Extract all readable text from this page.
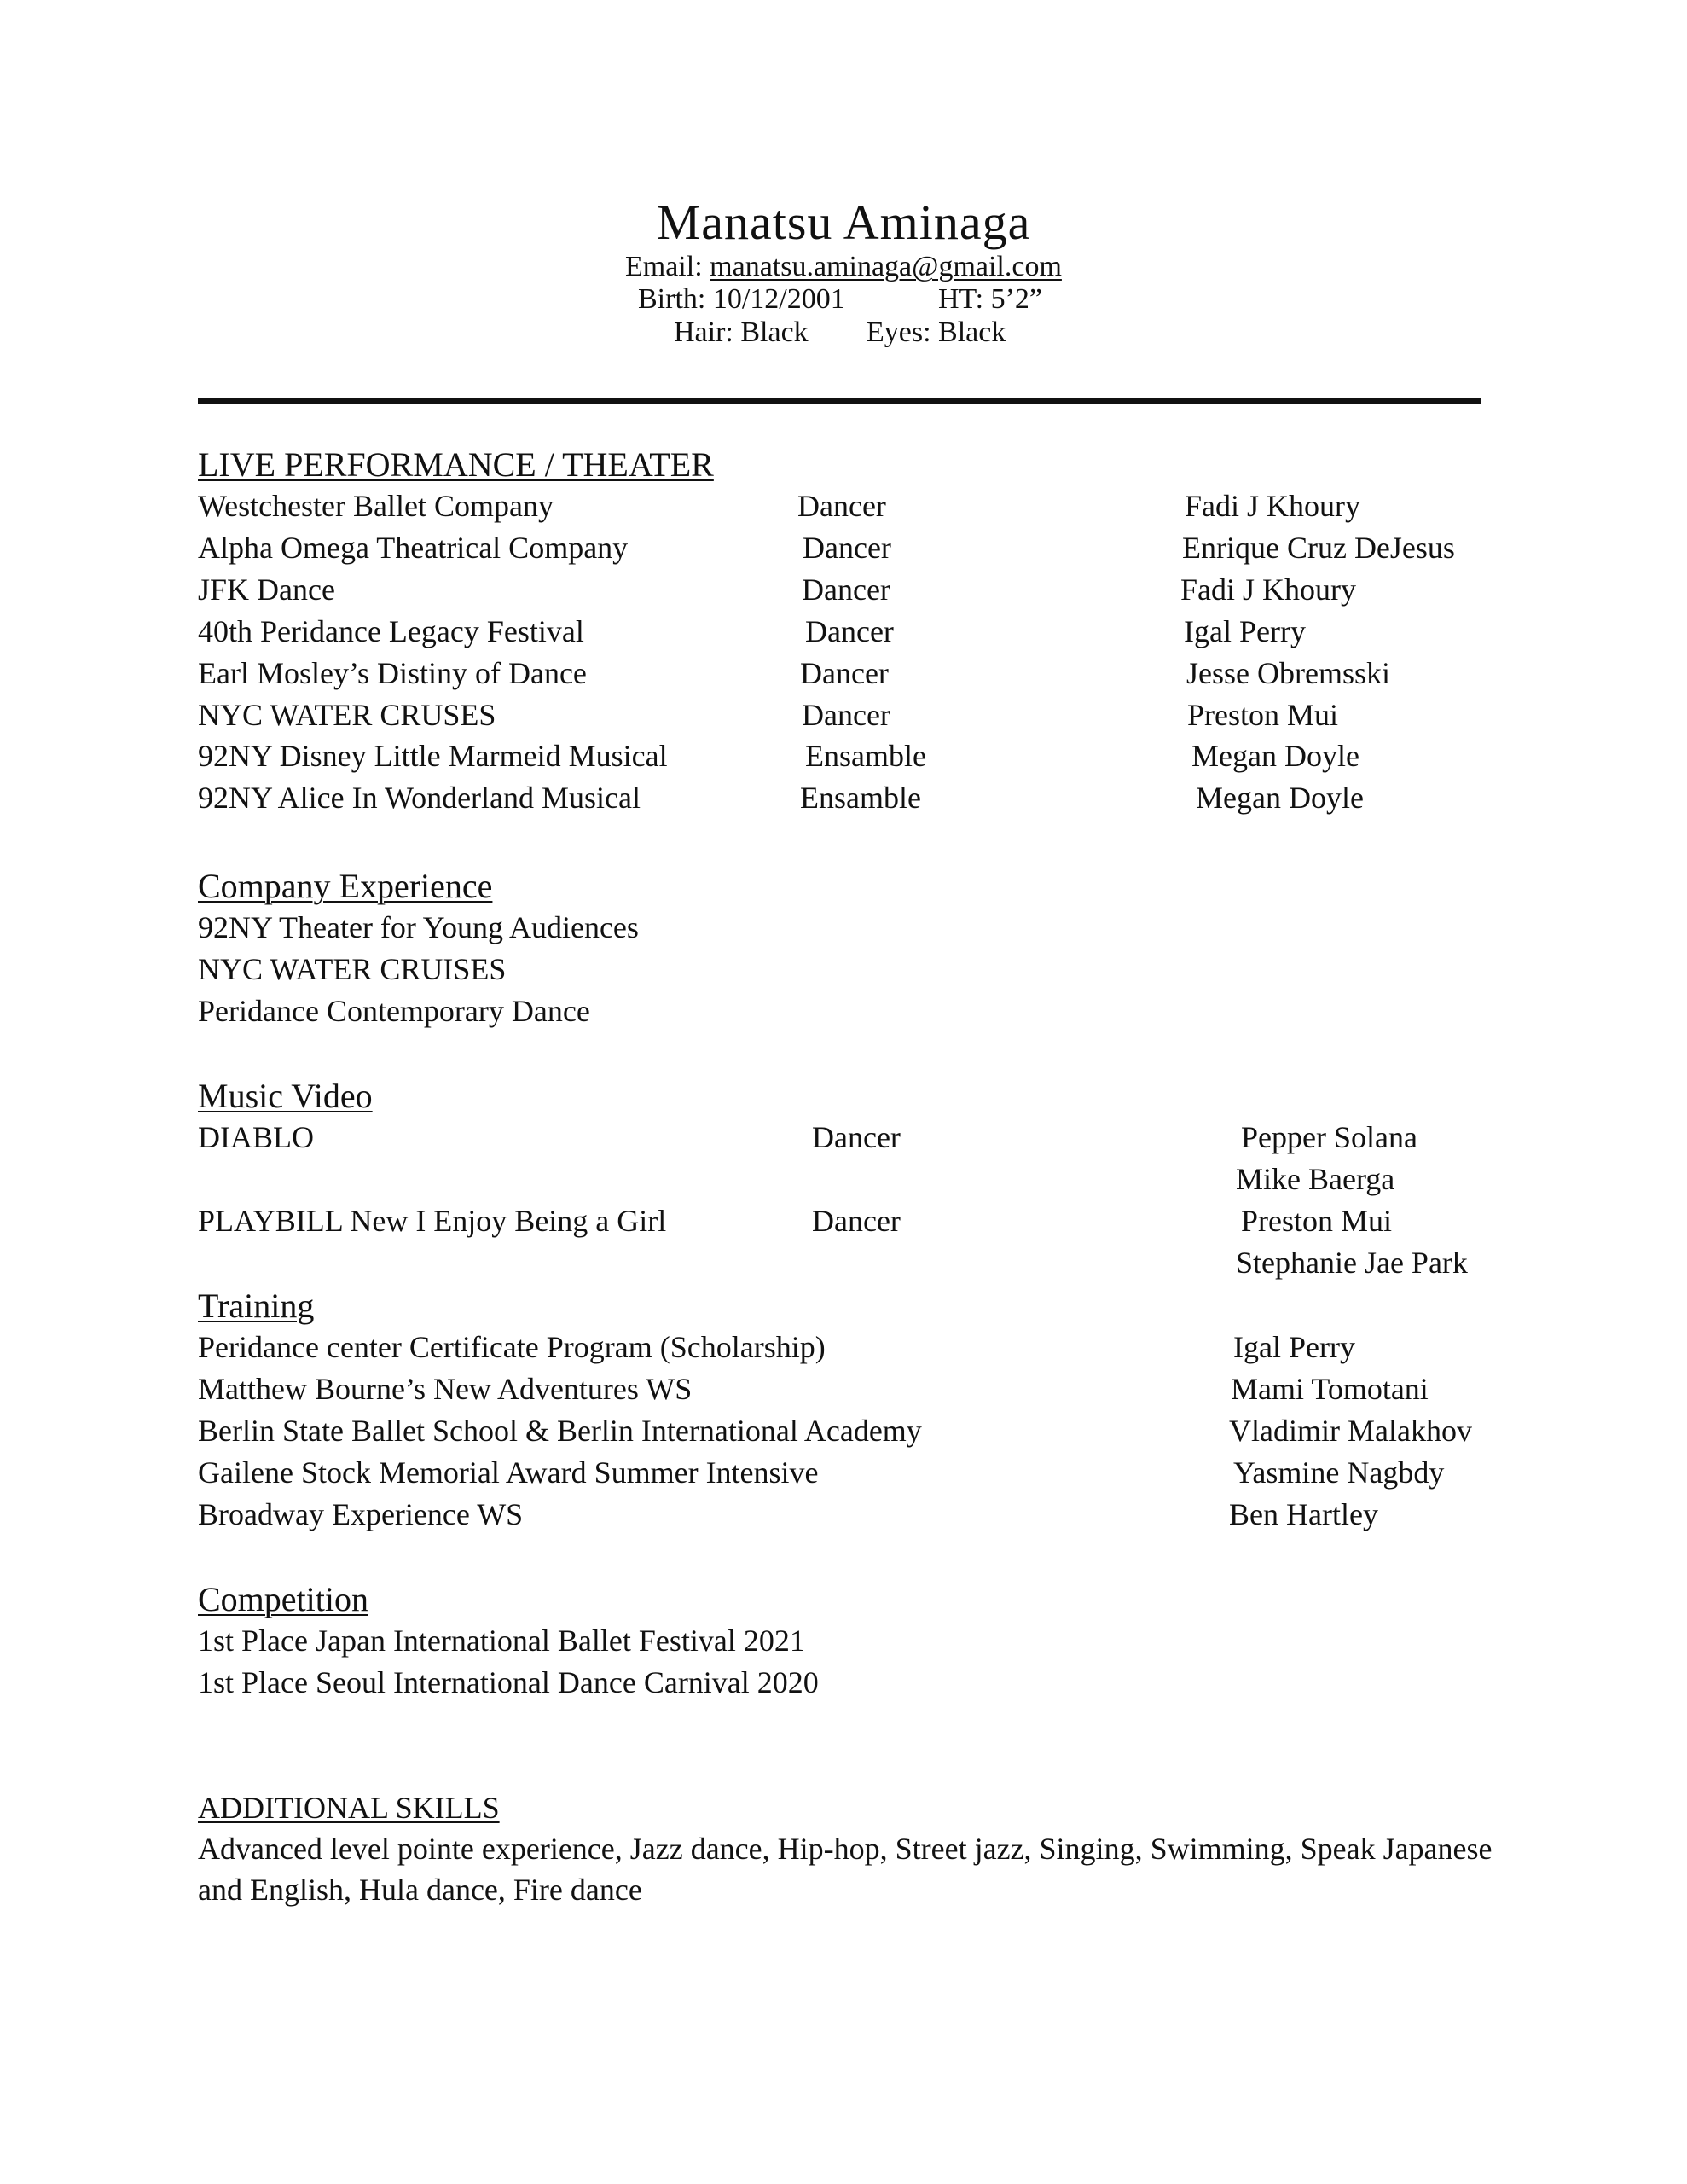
Manatsu Aminaga
Email: manatsu.aminaga@gmail.com
Birth: 10/12/2001	HT: 5’2”
Hair: Black Eyes: Black
LIVE PERFORMANCE / THEATER
Westchester Ballet Company	Dancer	Fadi J Khoury
Alpha Omega Theatrical Company	Dancer	Enrique Cruz DeJesus
JFK Dance	Dancer	Fadi J Khoury
40th Peridance Legacy Festival	Dancer	Igal Perry
Earl Mosley’s Distiny of Dance	Dancer	Jesse Obremsski
NYC WATER CRUSES	Dancer	Preston Mui
92NY Disney Little Marmeid Musical	Ensamble	Megan Doyle
92NY Alice In Wonderland Musical	Ensamble	Megan Doyle
Company Experience
92NY Theater for Young Audiences
NYC WATER CRUISES
Peridance Contemporary Dance
Music Video
DIABLO	Dancer	Pepper Solana
Mike Baerga
PLAYBILL New I Enjoy Being a Girl	Dancer	Preston Mui
Stephanie Jae Park
Training
Peridance center Certificate Program (Scholarship)	Igal Perry
Matthew Bourne’s New Adventures WS	Mami Tomotani
Berlin State Ballet School & Berlin International Academy	Vladimir Malakhov
Gailene Stock Memorial Award Summer Intensive	Yasmine Nagbdy
Broadway Experience WS	Ben Hartley
Competition
1st Place Japan International Ballet Festival 2021
1st Place Seoul International Dance Carnival 2020
ADDITIONAL SKILLS
Advanced level pointe experience, Jazz dance, Hip-hop, Street jazz, Singing, Swimming, Speak Japanese and English, Hula dance, Fire dance
